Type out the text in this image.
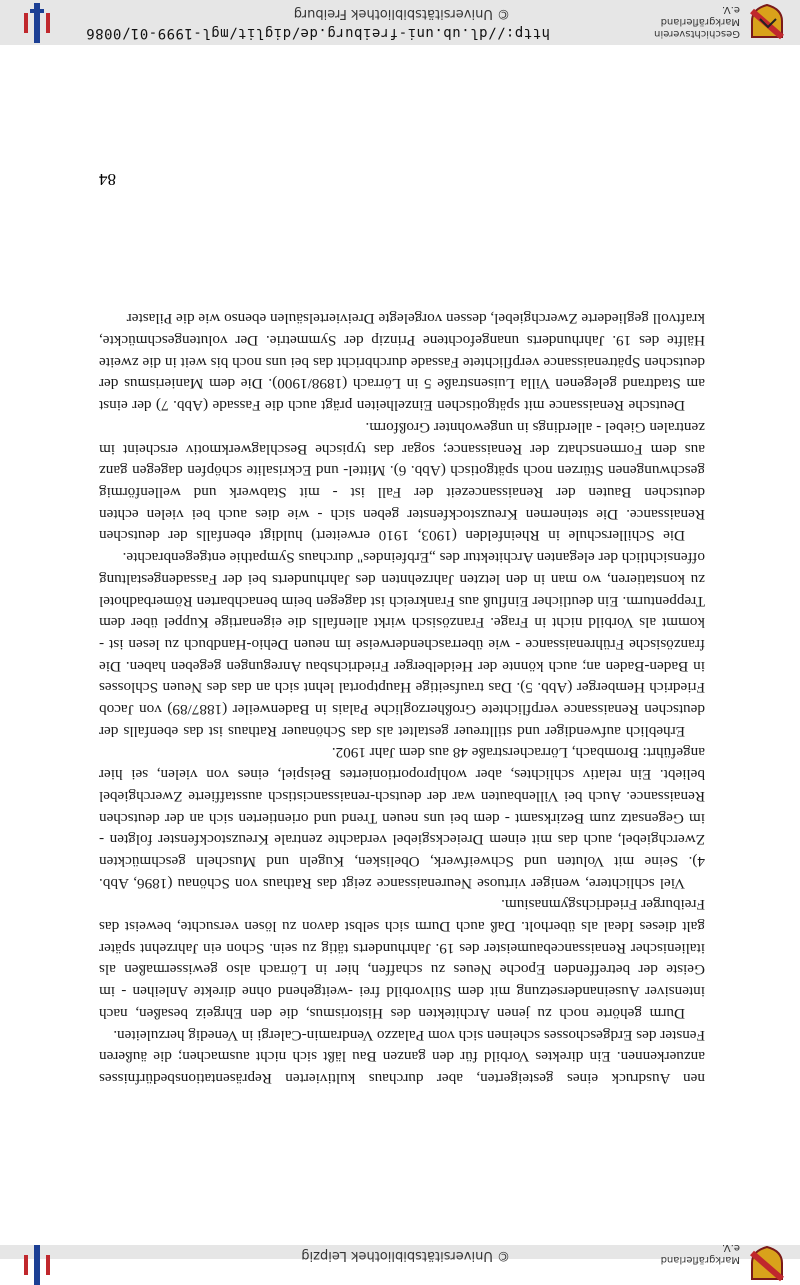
Markgräflerland e.V.
© Universitätsbibliothek Leipzig
84

nen Ausdruck eines gesteigerten, aber durchaus kultivierten Repräsentationsbedürfnisses anzuerkennen. Ein direktes Vorbild für den ganzen Bau läßt sich nicht ausmachen; die äußeren Fenster des Erdgeschosses scheinen sich vom Palazzo Vendramin-Calergi in Venedig herzuleiten.

Durm gehörte noch zu jenen Architekten des Historismus, die den Ehrgeiz besaßen, nach intensiver Auseinandersetzung mit dem Stilvorbild frei -weitgehend ohne direkte Anleihen - im Geiste der betreffenden Epoche Neues zu schaffen, hier in Lörrach also gewissermaßen als italienischer Renaissancebaumeister des 19. Jahrhunderts tätig zu sein. Schon ein Jahrzehnt später galt dieses Ideal als überholt. Daß auch Durm sich selbst davon zu lösen versuchte, beweist das Freiburger Friedrichsgymnasium.

Viel schlichtere, weniger virtuose Neurenaissance zeigt das Rathaus von Schönau (1896, Abb. 4). Seine mit Voluten und Schweifwerk, Obelisken, Kugeln und Muscheln geschmückten Zwerchgiebel, auch das mit einem Dreiecksgiebel verdachte zentrale Kreuzstockfenster folgten - im Gegensatz zum Bezirksamt - dem bei uns neuen Trend und orientierten sich an der deutschen Renaissance. Auch bei Villenbauten war der deutsch-renaissancistisch ausstaffierte Zwerchgiebel beliebt. Ein relativ schlichtes, aber wohlproportioniertes Beispiel, eines von vielen, sei hier angeführt: Brombach, Lörracherstraße 48 aus dem Jahr 1902.

Erheblich aufwendiger und stilltreuer gestaltet als das Schönauer Rathaus ist das ebenfalls der deutschen Renaissance verpflichtete Großherzogliche Palais in Badenweiler (1887/89) von Jacob Friedrich Hemberger (Abb. 5). Das traufseitige Hauptportal lehnt sich an das des Neuen Schlosses in Baden-Baden an; auch könnte der Heidelberger Friedrichsbau Anregungen gegeben haben. Die französische Frührenaissance - wie überraschenderweise im neuen Dehio-Handbuch zu lesen ist - kommt als Vorbild nicht in Frage. Französisch wirkt allenfalls die eigenartige Kuppel über dem Treppenturm. Ein deutlicher Einfluß aus Frankreich ist dagegen beim benachbarten Römerbadhotel zu konstatieren, wo man in den letzten Jahrzehnten des Jahrhunderts bei der Fassadengestaltung offensichtlich der eleganten Architektur des „Erbfeindes" durchaus Sympathie entgegenbrachte.

Die Schillerschule in Rheinfelden (1903, 1910 erweitert) huldigt ebenfalls der deutschen Renaissance. Die steinernen Kreuzstockfenster geben sich - wie dies auch bei vielen echten deutschen Bauten der Renaissancezeit der Fall ist - mit Stabwerk und wellenförmig geschwungenen Stürzen noch spätgotisch (Abb. 6). Mittel- und Eckrisalite schöpfen dagegen ganz aus dem Formenschatz der Renaissance; sogar das typische Beschlagwerkmotiv erscheint im zentralen Giebel - allerdings in ungewohnter Großform.

Deutsche Renaissance mit spätgotischen Einzelheiten prägt auch die Fassade (Abb. 7) der einst am Stadtrand gelegenen Villa Luisenstraße 5 in Lörrach (1898/1900). Die dem Manierismus der deutschen Spätrenaissance verpflichtete Fassade durchbricht das bei uns noch bis weit in die zweite Hälfte des 19. Jahrhunderts unangefochtene Prinzip der Symmetrie. Der volutengeschmückte, kraftvoll gegliederte Zwerchgiebel, dessen vorgelegte Dreiviertelsäulen ebenso wie die Pilaster

Geschichtsverein
Markgräflerland e.V.
http://dl.ub.uni-freiburg.de/diglit/mgl-1999-01/0086
© Universitätsbibliothek Freiburg
